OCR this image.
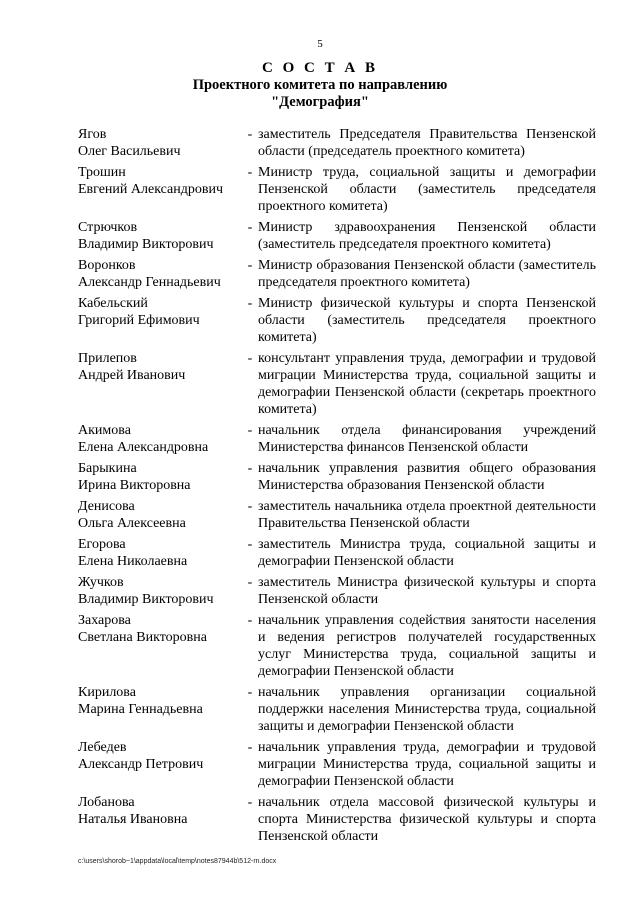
5
С О С Т А В
Проектного комитета по направлению
"Демография"
Ягов
Олег Васильевич
- заместитель Председателя Правительства Пензенской области (председатель проектного комитета)
Трошин
Евгений Александрович
- Министр труда, социальной защиты и демографии Пензенской области (заместитель председателя проектного комитета)
Стрючков
Владимир Викторович
- Министр здравоохранения Пензенской области (заместитель председателя проектного комитета)
Воронков
Александр Геннадьевич
- Министр образования Пензенской области (заместитель председателя проектного комитета)
Кабельский
Григорий Ефимович
- Министр физической культуры и спорта Пензенской области (заместитель председателя проектного комитета)
Прилепов
Андрей Иванович
- консультант управления труда, демографии и трудовой миграции Министерства труда, социальной защиты и демографии Пензенской области (секретарь проектного комитета)
Акимова
Елена Александровна
- начальник отдела финансирования учреждений Министерства финансов Пензенской области
Барыкина
Ирина Викторовна
- начальник управления развития общего образования Министерства образования Пензенской области
Денисова
Ольга Алексеевна
- заместитель начальника отдела проектной деятельности Правительства Пензенской области
Егорова
Елена Николаевна
- заместитель Министра труда, социальной защиты и демографии Пензенской области
Жучков
Владимир Викторович
- заместитель Министра физической культуры и спорта Пензенской области
Захарова
Светлана Викторовна
- начальник управления содействия занятости населения и ведения регистров получателей государственных услуг Министерства труда, социальной защиты и демографии Пензенской области
Кирилова
Марина Геннадьевна
- начальник управления организации социальной поддержки населения Министерства труда, социальной защиты и демографии Пензенской области
Лебедев
Александр Петрович
- начальник управления труда, демографии и трудовой миграции Министерства труда, социальной защиты и демографии Пензенской области
Лобанова
Наталья Ивановна
- начальник отдела массовой физической культуры и спорта Министерства физической культуры и спорта Пензенской области
c:\users\shorob~1\appdata\local\temp\notes87944b\512-rn.docx
